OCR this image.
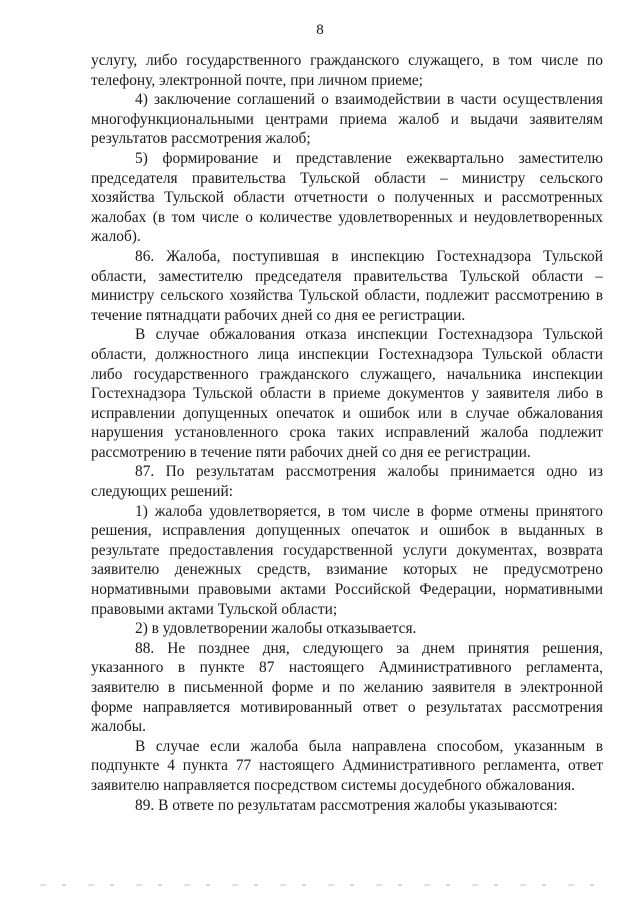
8

услугу, либо государственного гражданского служащего, в том числе по телефону, электронной почте, при личном приеме;

4) заключение соглашений о взаимодействии в части осуществления многофункциональными центрами приема жалоб и выдачи заявителям результатов рассмотрения жалоб;

5) формирование и представление ежеквартально заместителю председателя правительства Тульской области – министру сельского хозяйства Тульской области отчетности о полученных и рассмотренных жалобах (в том числе о количестве удовлетворенных и неудовлетворенных жалоб).

86. Жалоба, поступившая в инспекцию Гостехнадзора Тульской области, заместителю председателя правительства Тульской области – министру сельского хозяйства Тульской области, подлежит рассмотрению в течение пятнадцати рабочих дней со дня ее регистрации.

В случае обжалования отказа инспекции Гостехнадзора Тульской области, должностного лица инспекции Гостехнадзора Тульской области либо государственного гражданского служащего, начальника инспекции Гостехнадзора Тульской области в приеме документов у заявителя либо в исправлении допущенных опечаток и ошибок или в случае обжалования нарушения установленного срока таких исправлений жалоба подлежит рассмотрению в течение пяти рабочих дней со дня ее регистрации.

87. По результатам рассмотрения жалобы принимается одно из следующих решений:

1) жалоба удовлетворяется, в том числе в форме отмены принятого решения, исправления допущенных опечаток и ошибок в выданных в результате предоставления государственной услуги документах, возврата заявителю денежных средств, взимание которых не предусмотрено нормативными правовыми актами Российской Федерации, нормативными правовыми актами Тульской области;

2) в удовлетворении жалобы отказывается.

88. Не позднее дня, следующего за днем принятия решения, указанного в пункте 87 настоящего Административного регламента, заявителю в письменной форме и по желанию заявителя в электронной форме направляется мотивированный ответ о результатах рассмотрения жалобы.

В случае если жалоба была направлена способом, указанным в подпункте 4 пункта 77 настоящего Административного регламента, ответ заявителю направляется посредством системы досудебного обжалования.

89. В ответе по результатам рассмотрения жалобы указываются:
